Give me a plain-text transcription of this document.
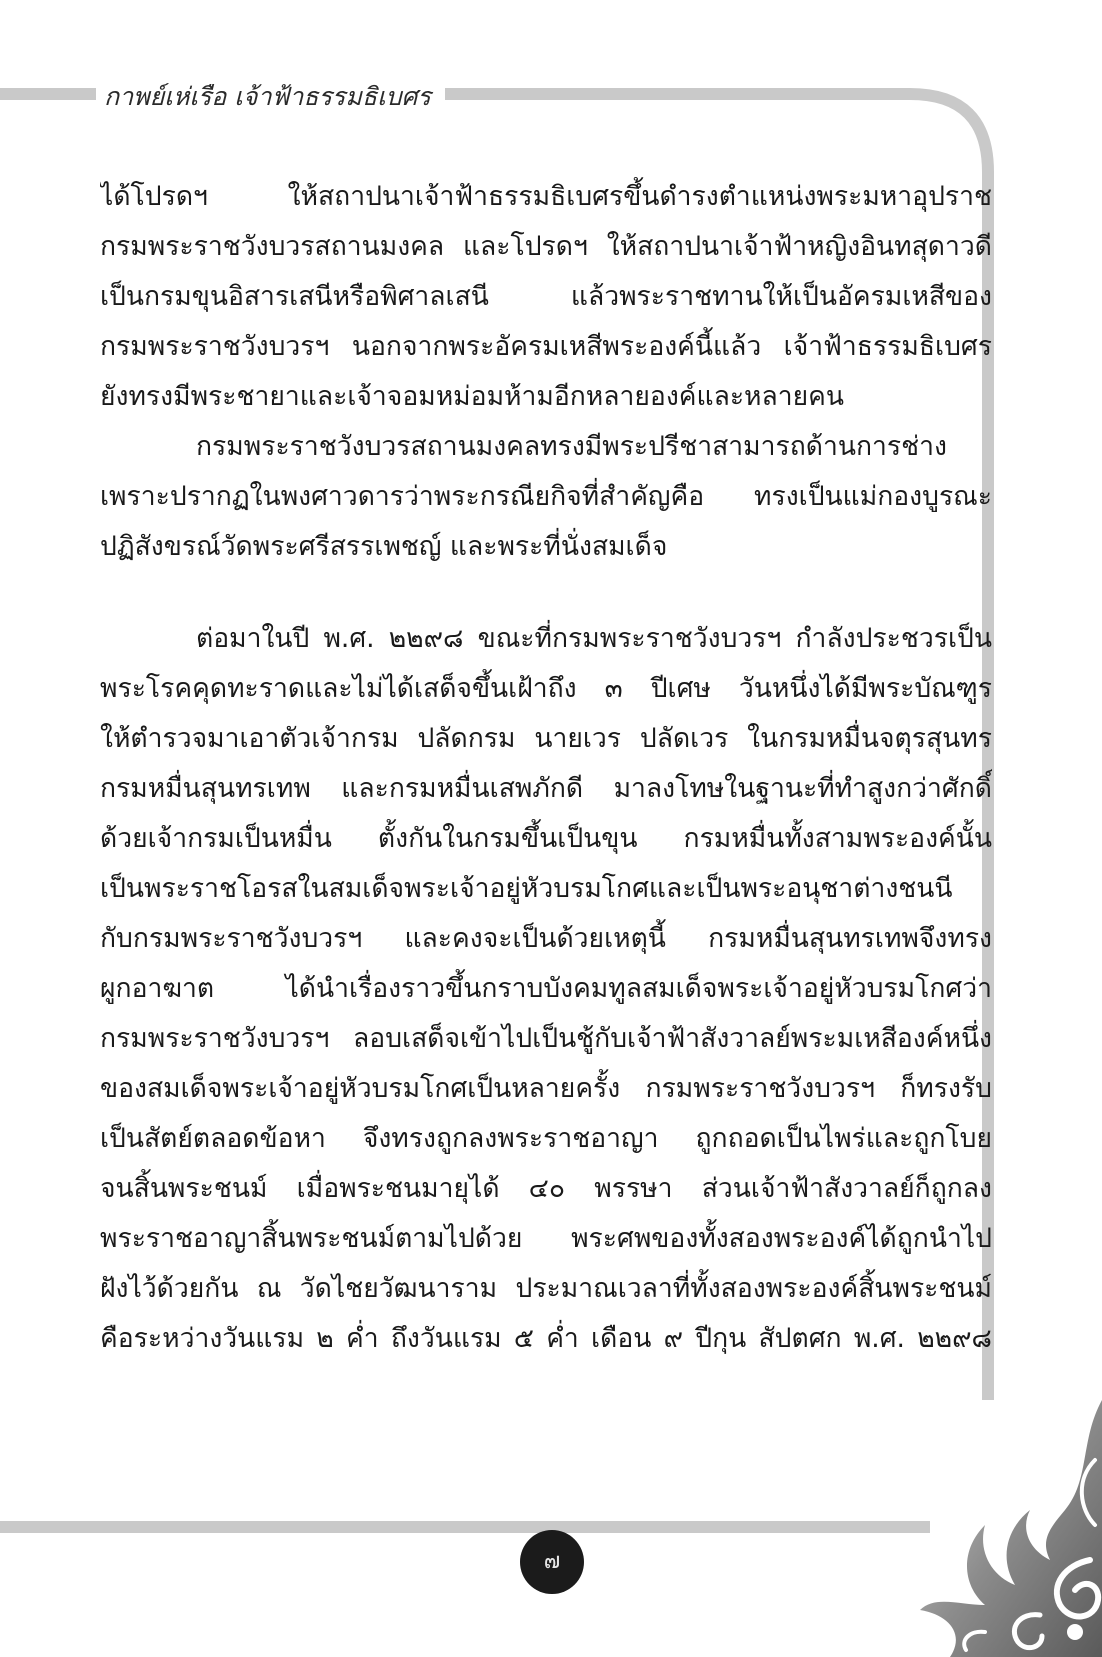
กาพย์เห่เรือ เจ้าฟ้าธรรมธิเบศร
ได้โปรดฯ ให้สถาปนาเจ้าฟ้าธรรมธิเบศรขึ้นดำรงตำแหน่งพระมหาอุปราช
กรมพระราชวังบวรสถานมงคล และโปรดฯ ให้สถาปนาเจ้าฟ้าหญิงอินทสุดาวดี
เป็นกรมขุนอิสารเสนีหรือพิศาลเสนี แล้วพระราชทานให้เป็นอัครมเหสีของ
กรมพระราชวังบวรฯ นอกจากพระอัครมเหสีพระองค์นี้แล้ว เจ้าฟ้าธรรมธิเบศร
ยังทรงมีพระชายาและเจ้าจอมหม่อมห้ามอีกหลายองค์และหลายคน
กรมพระราชวังบวรสถานมงคลทรงมีพระปรีชาสามารถด้านการช่าง
เพราะปรากฏในพงศาวดารว่าพระกรณียกิจที่สำคัญคือ ทรงเป็นแม่กองบูรณะ
ปฏิสังขรณ์วัดพระศรีสรรเพชญ์ และพระที่นั่งสมเด็จ
ต่อมาในปี พ.ศ. ๒๒๙๘ ขณะที่กรมพระราชวังบวรฯ กำลังประชวรเป็น
พระโรคคุดทะราดและไม่ได้เสด็จขึ้นเฝ้าถึง ๓ ปีเศษ วันหนึ่งได้มีพระบัณฑูร
ให้ตำรวจมาเอาตัวเจ้ากรม ปลัดกรม นายเวร ปลัดเวร ในกรมหมื่นจตุรสุนทร
กรมหมื่นสุนทรเทพ และกรมหมื่นเสพภักดี มาลงโทษในฐานะที่ทำสูงกว่าศักดิ์
ด้วยเจ้ากรมเป็นหมื่น ตั้งกันในกรมขึ้นเป็นขุน กรมหมื่นทั้งสามพระองค์นั้น
เป็นพระราชโอรสในสมเด็จพระเจ้าอยู่หัวบรมโกศและเป็นพระอนุชาต่างชนนี
กับกรมพระราชวังบวรฯ และคงจะเป็นด้วยเหตุนี้ กรมหมื่นสุนทรเทพจึงทรง
ผูกอาฆาต ได้นำเรื่องราวขึ้นกราบบังคมทูลสมเด็จพระเจ้าอยู่หัวบรมโกศว่า
กรมพระราชวังบวรฯ ลอบเสด็จเข้าไปเป็นชู้กับเจ้าฟ้าสังวาลย์พระมเหสีองค์หนึ่ง
ของสมเด็จพระเจ้าอยู่หัวบรมโกศเป็นหลายครั้ง กรมพระราชวังบวรฯ ก็ทรงรับ
เป็นสัตย์ตลอดข้อหา จึงทรงถูกลงพระราชอาญา ถูกถอดเป็นไพร่และถูกโบย
จนสิ้นพระชนม์ เมื่อพระชนมายุได้ ๔๐ พรรษา ส่วนเจ้าฟ้าสังวาลย์ก็ถูกลง
พระราชอาญาสิ้นพระชนม์ตามไปด้วย พระศพของทั้งสองพระองค์ได้ถูกนำไป
ฝังไว้ด้วยกัน ณ วัดไชยวัฒนาราม ประมาณเวลาที่ทั้งสองพระองค์สิ้นพระชนม์
คือระหว่างวันแรม ๒ ค่ำ ถึงวันแรม ๕ ค่ำ เดือน ๙ ปีกุน สัปตศก พ.ศ. ๒๒๙๘
๗
